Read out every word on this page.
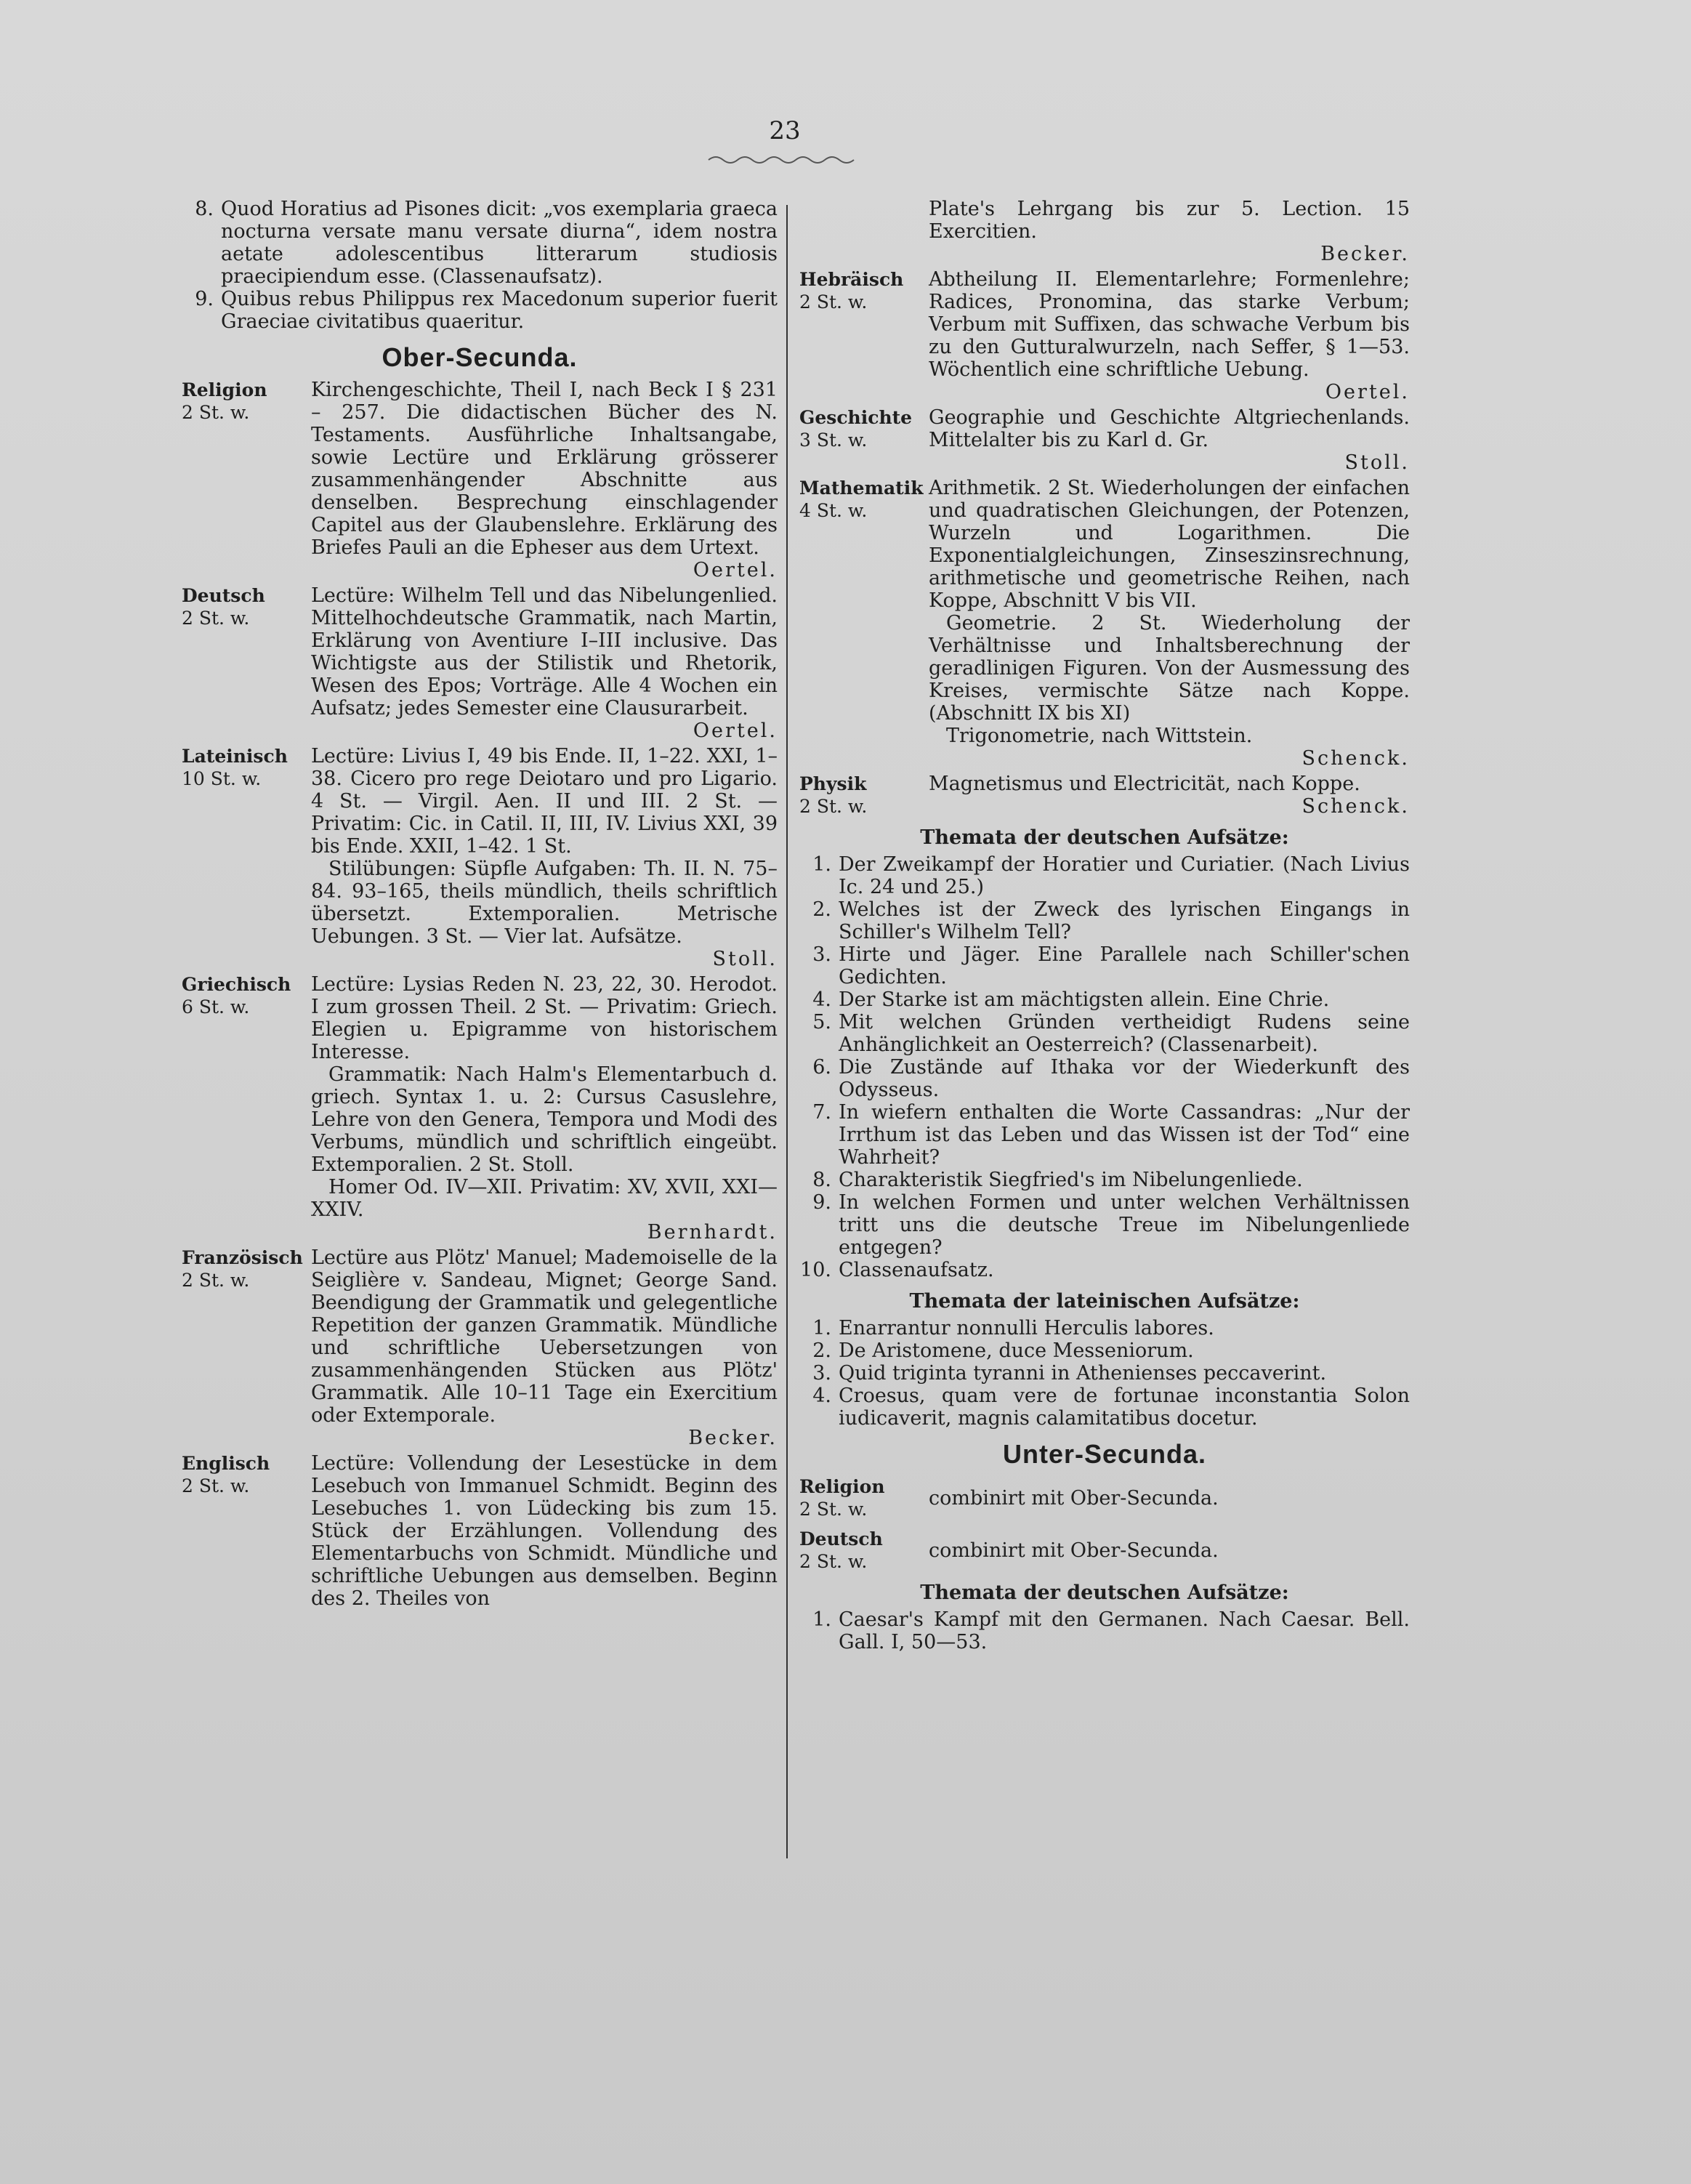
23
8. Quod Horatius ad Pisones dicit: „vos exemplaria graeca nocturna versate manu versate diurna“, idem nostra aetate adolescentibus litterarum studiosis praecipiendum esse. (Classenaufsatz).
9. Quibus rebus Philippus rex Macedonum superior fuerit Graeciae civitatibus quaeritur.
Ober-Secunda.
Religion
2 St. w.

Kirchengeschichte, Theil I, nach Beck I § 231 – 257. Die didactischen Bücher des N. Testaments. Ausführliche Inhaltsangabe, sowie Lectüre und Erklärung grösserer zusammenhängender Abschnitte aus denselben. Besprechung einschlagender Capitel aus der Glaubenslehre. Erklärung des Briefes Pauli an die Epheser aus dem Urtext.

Oertel.

Deutsch
2 St. w.

Lectüre: Wilhelm Tell und das Nibelungenlied. Mittelhochdeutsche Grammatik, nach Martin, Erklärung von Aventiure I–III inclusive. Das Wichtigste aus der Stilistik und Rhetorik, Wesen des Epos; Vorträge. Alle 4 Wochen ein Aufsatz; jedes Semester eine Clausurarbeit.

Oertel.

Lateinisch
10 St. w.

Lectüre: Livius I, 49 bis Ende. II, 1–22. XXI, 1–38. Cicero pro rege Deiotaro und pro Ligario. 4 St. — Virgil. Aen. II und III. 2 St. — Privatim: Cic. in Catil. II, III, IV. Livius XXI, 39 bis Ende. XXII, 1–42. 1 St.

Stilübungen: Süpfle Aufgaben: Th. II. N. 75–84. 93–165, theils mündlich, theils schriftlich übersetzt. Extemporalien. Metrische Uebungen. 3 St. — Vier lat. Aufsätze.

Stoll.

Griechisch
6 St. w.

Lectüre: Lysias Reden N. 23, 22, 30. Herodot. I zum grossen Theil. 2 St. — Privatim: Griech. Elegien u. Epigramme von historischem Interesse.

Grammatik: Nach Halm's Elementarbuch d. griech. Syntax 1. u. 2: Cursus Casuslehre, Lehre von den Genera, Tempora und Modi des Verbums, mündlich und schriftlich eingeübt. Extemporalien. 2 St. Stoll.

Homer Od. IV—XII. Privatim: XV, XVII, XXI—XXIV.

Bernhardt.

Französisch
2 St. w.

Lectüre aus Plötz' Manuel; Mademoiselle de la Seiglière v. Sandeau, Mignet; George Sand. Beendigung der Grammatik und gelegentliche Repetition der ganzen Grammatik. Mündliche und schriftliche Uebersetzungen von zusammenhängenden Stücken aus Plötz' Grammatik. Alle 10–11 Tage ein Exercitium oder Extemporale.

Becker.

Englisch
2 St. w.

Lectüre: Vollendung der Lesestücke in dem Lesebuch von Immanuel Schmidt. Beginn des Lesebuches 1. von Lüdecking bis zum 15. Stück der Erzählungen. Vollendung des Elementarbuchs von Schmidt. Mündliche und schriftliche Uebungen aus demselben. Beginn des 2. Theiles von

Plate's Lehrgang bis zur 5. Lection. 15 Exercitien.

Becker.

Hebräisch
2 St. w.

Abtheilung II. Elementarlehre; Formenlehre; Radices, Pronomina, das starke Verbum; Verbum mit Suffixen, das schwache Verbum bis zu den Gutturalwurzeln, nach Seffer, § 1—53. Wöchentlich eine schriftliche Uebung.

Oertel.

Geschichte
3 St. w.

Geographie und Geschichte Altgriechenlands. Mittelalter bis zu Karl d. Gr.

Stoll.

Mathematik
4 St. w.

Arithmetik. 2 St. Wiederholungen der einfachen und quadratischen Gleichungen, der Potenzen, Wurzeln und Logarithmen. Die Exponentialgleichungen, Zinseszinsrechnung, arithmetische und geometrische Reihen, nach Koppe, Abschnitt V bis VII.

Geometrie. 2 St. Wiederholung der Verhältnisse und Inhaltsberechnung der geradlinigen Figuren. Von der Ausmessung des Kreises, vermischte Sätze nach Koppe. (Abschnitt IX bis XI)

Trigonometrie, nach Wittstein.

Schenck.

Physik
2 St. w.

Magnetismus und Electricität, nach Koppe.

Schenck.

Themata der deutschen Aufsätze:
1. Der Zweikampf der Horatier und Curiatier. (Nach Livius Ic. 24 und 25.)
2. Welches ist der Zweck des lyrischen Eingangs in Schiller's Wilhelm Tell?
3. Hirte und Jäger. Eine Parallele nach Schiller'schen Gedichten.
4. Der Starke ist am mächtigsten allein. Eine Chrie.
5. Mit welchen Gründen vertheidigt Rudens seine Anhänglichkeit an Oesterreich? (Classenarbeit).
6. Die Zustände auf Ithaka vor der Wiederkunft des Odysseus.
7. In wiefern enthalten die Worte Cassandras: „Nur der Irrthum ist das Leben und das Wissen ist der Tod“ eine Wahrheit?
8. Charakteristik Siegfried's im Nibelungenliede.
9. In welchen Formen und unter welchen Verhältnissen tritt uns die deutsche Treue im Nibelungenliede entgegen?
10. Classenaufsatz.
Themata der lateinischen Aufsätze:
1. Enarrantur nonnulli Herculis labores.
2. De Aristomene, duce Messeniorum.
3. Quid triginta tyranni in Athenienses peccaverint.
4. Croesus, quam vere de fortunae inconstantia Solon iudicaverit, magnis calamitatibus docetur.
Unter-Secunda.
Religion
2 St. w.	combinirt mit Ober-Secunda.
Deutsch
2 St. w.	combinirt mit Ober-Secunda.
Themata der deutschen Aufsätze:
1. Caesar's Kampf mit den Germanen. Nach Caesar. Bell. Gall. I, 50—53.
